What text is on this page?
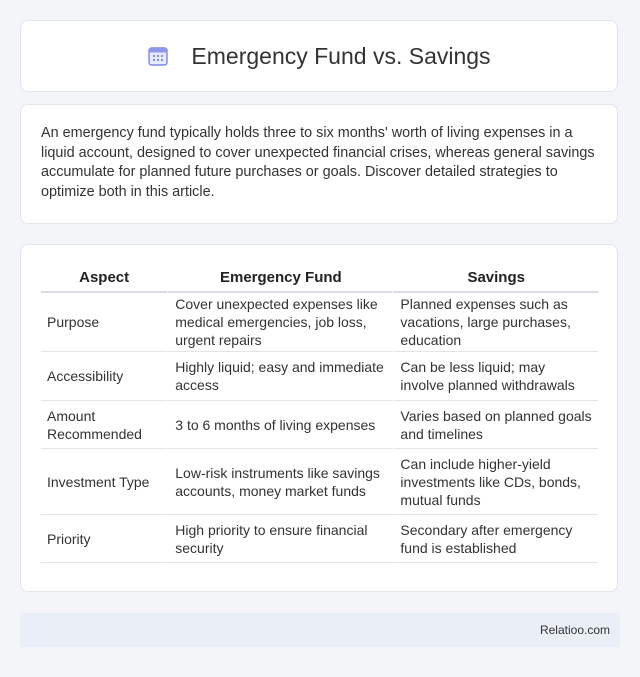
Emergency Fund vs. Savings

An emergency fund typically holds three to six months' worth of living expenses in a liquid account, designed to cover unexpected financial crises, whereas general savings accumulate for planned future purchases or goals. Discover detailed strategies to optimize both in this article.

Aspect	Emergency Fund	Savings
Purpose	Cover unexpected expenses like medical emergencies, job loss, urgent repairs	Planned expenses such as vacations, large purchases, education
Accessibility	Highly liquid; easy and immediate access	Can be less liquid; may involve planned withdrawals
Amount Recommended	3 to 6 months of living expenses	Varies based on planned goals and timelines
Investment Type	Low-risk instruments like savings accounts, money market funds	Can include higher-yield investments like CDs, bonds, mutual funds
Priority	High priority to ensure financial security	Secondary after emergency fund is established
Relatioo.com
